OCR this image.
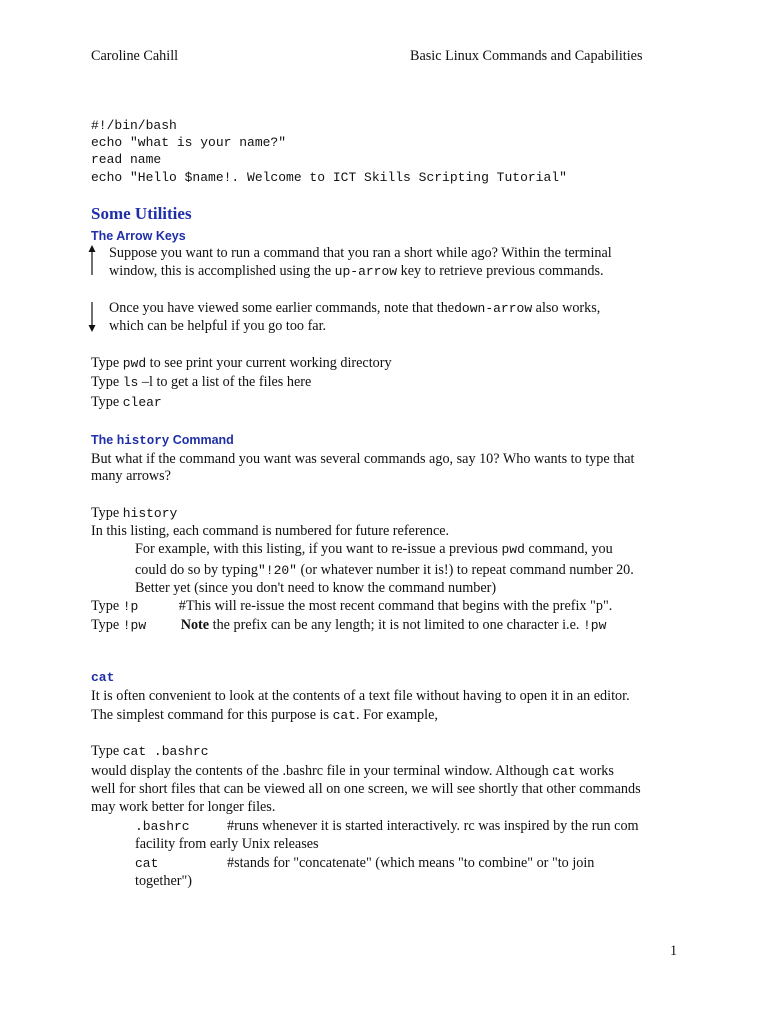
Caroline Cahill	Basic Linux Commands and Capabilities
#!/bin/bash
echo "what is your name?"
read name
echo "Hello $name!. Welcome to ICT Skills Scripting Tutorial"
Some Utilities
The Arrow Keys
Suppose you want to run a command that you ran a short while ago? Within the terminal
window, this is accomplished using the up-arrow key to retrieve previous commands.
Once you have viewed some earlier commands, note that thedown-arrow also works,
which can be helpful if you go too far.
Type pwd to see print your current working directory
Type ls –l to get a list of the files here
Type clear
The history Command
But what if the command you want was several commands ago, say 10? Who wants to type that
many arrows?
Type history
In this listing, each command is numbered for future reference.
For example, with this listing, if you want to re-issue a previous pwd command, you
could do so by typing"!20" (or whatever number it is!) to repeat command number 20.
Better yet (since you don't need to know the command number)
Type !p	#This will re-issue the most recent command that begins with the prefix "p".
Type !pw Note the prefix can be any length; it is not limited to one character i.e. !pw
cat
It is often convenient to look at the contents of a text file without having to open it in an editor.
The simplest command for this purpose is cat. For example,
Type cat .bashrc
would display the contents of the .bashrc file in your terminal window. Although cat works
well for short files that can be viewed all on one screen, we will see shortly that other commands
may work better for longer files.
.bashrc	#runs whenever it is started interactively. rc was inspired by the run com
facility from early Unix releases
cat	#stands for "concatenate" (which means "to combine" or "to join
together")
1
